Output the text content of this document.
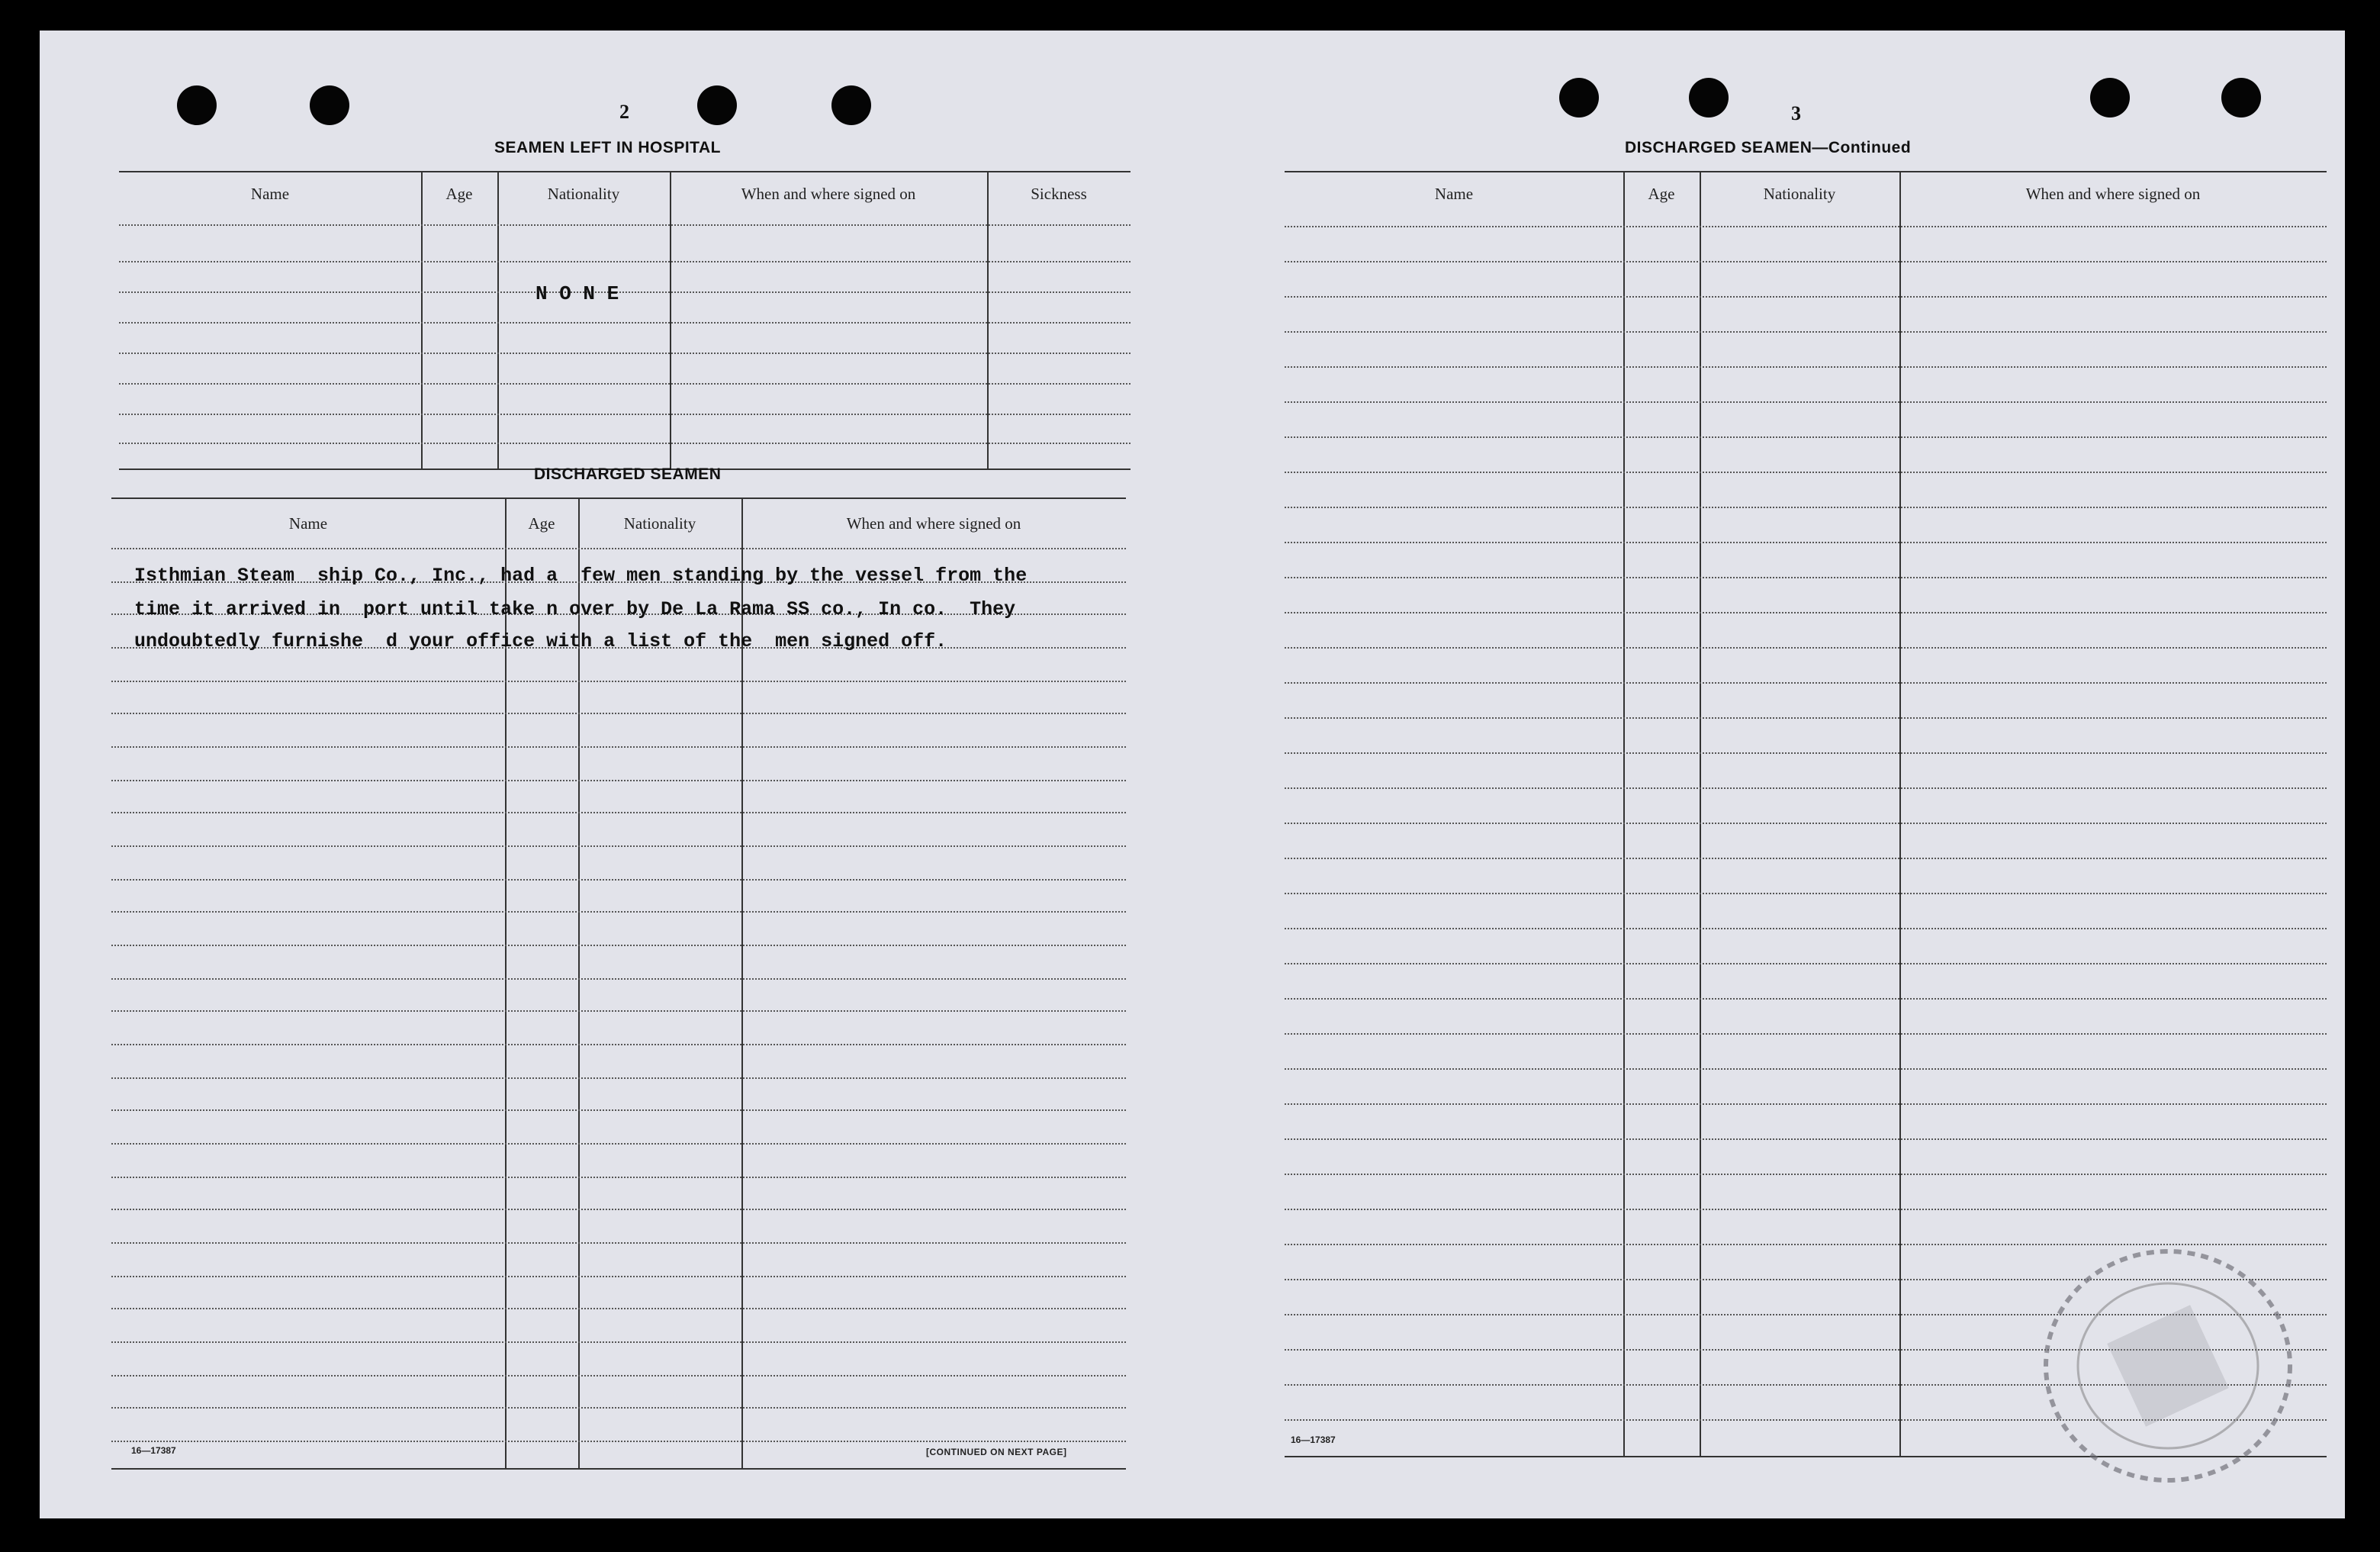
2
SEAMEN LEFT IN HOSPITAL
Name	Age	Nationality	When and where signed on	Sickness
N O N E
DISCHARGED SEAMEN
Name	Age	Nationality	When and where signed on
Isthmian Steam  ship Co., Inc., had a  few men standing by the vessel from the
time it arrived in  port until take n over by De La Rama SS co., In co.  They
undoubtedly furnishe  d your office with a list of the  men signed off.
16—17387	[CONTINUED ON NEXT PAGE]
3
DISCHARGED SEAMEN—Continued
Name	Age	Nationality	When and where signed on
16—17387
